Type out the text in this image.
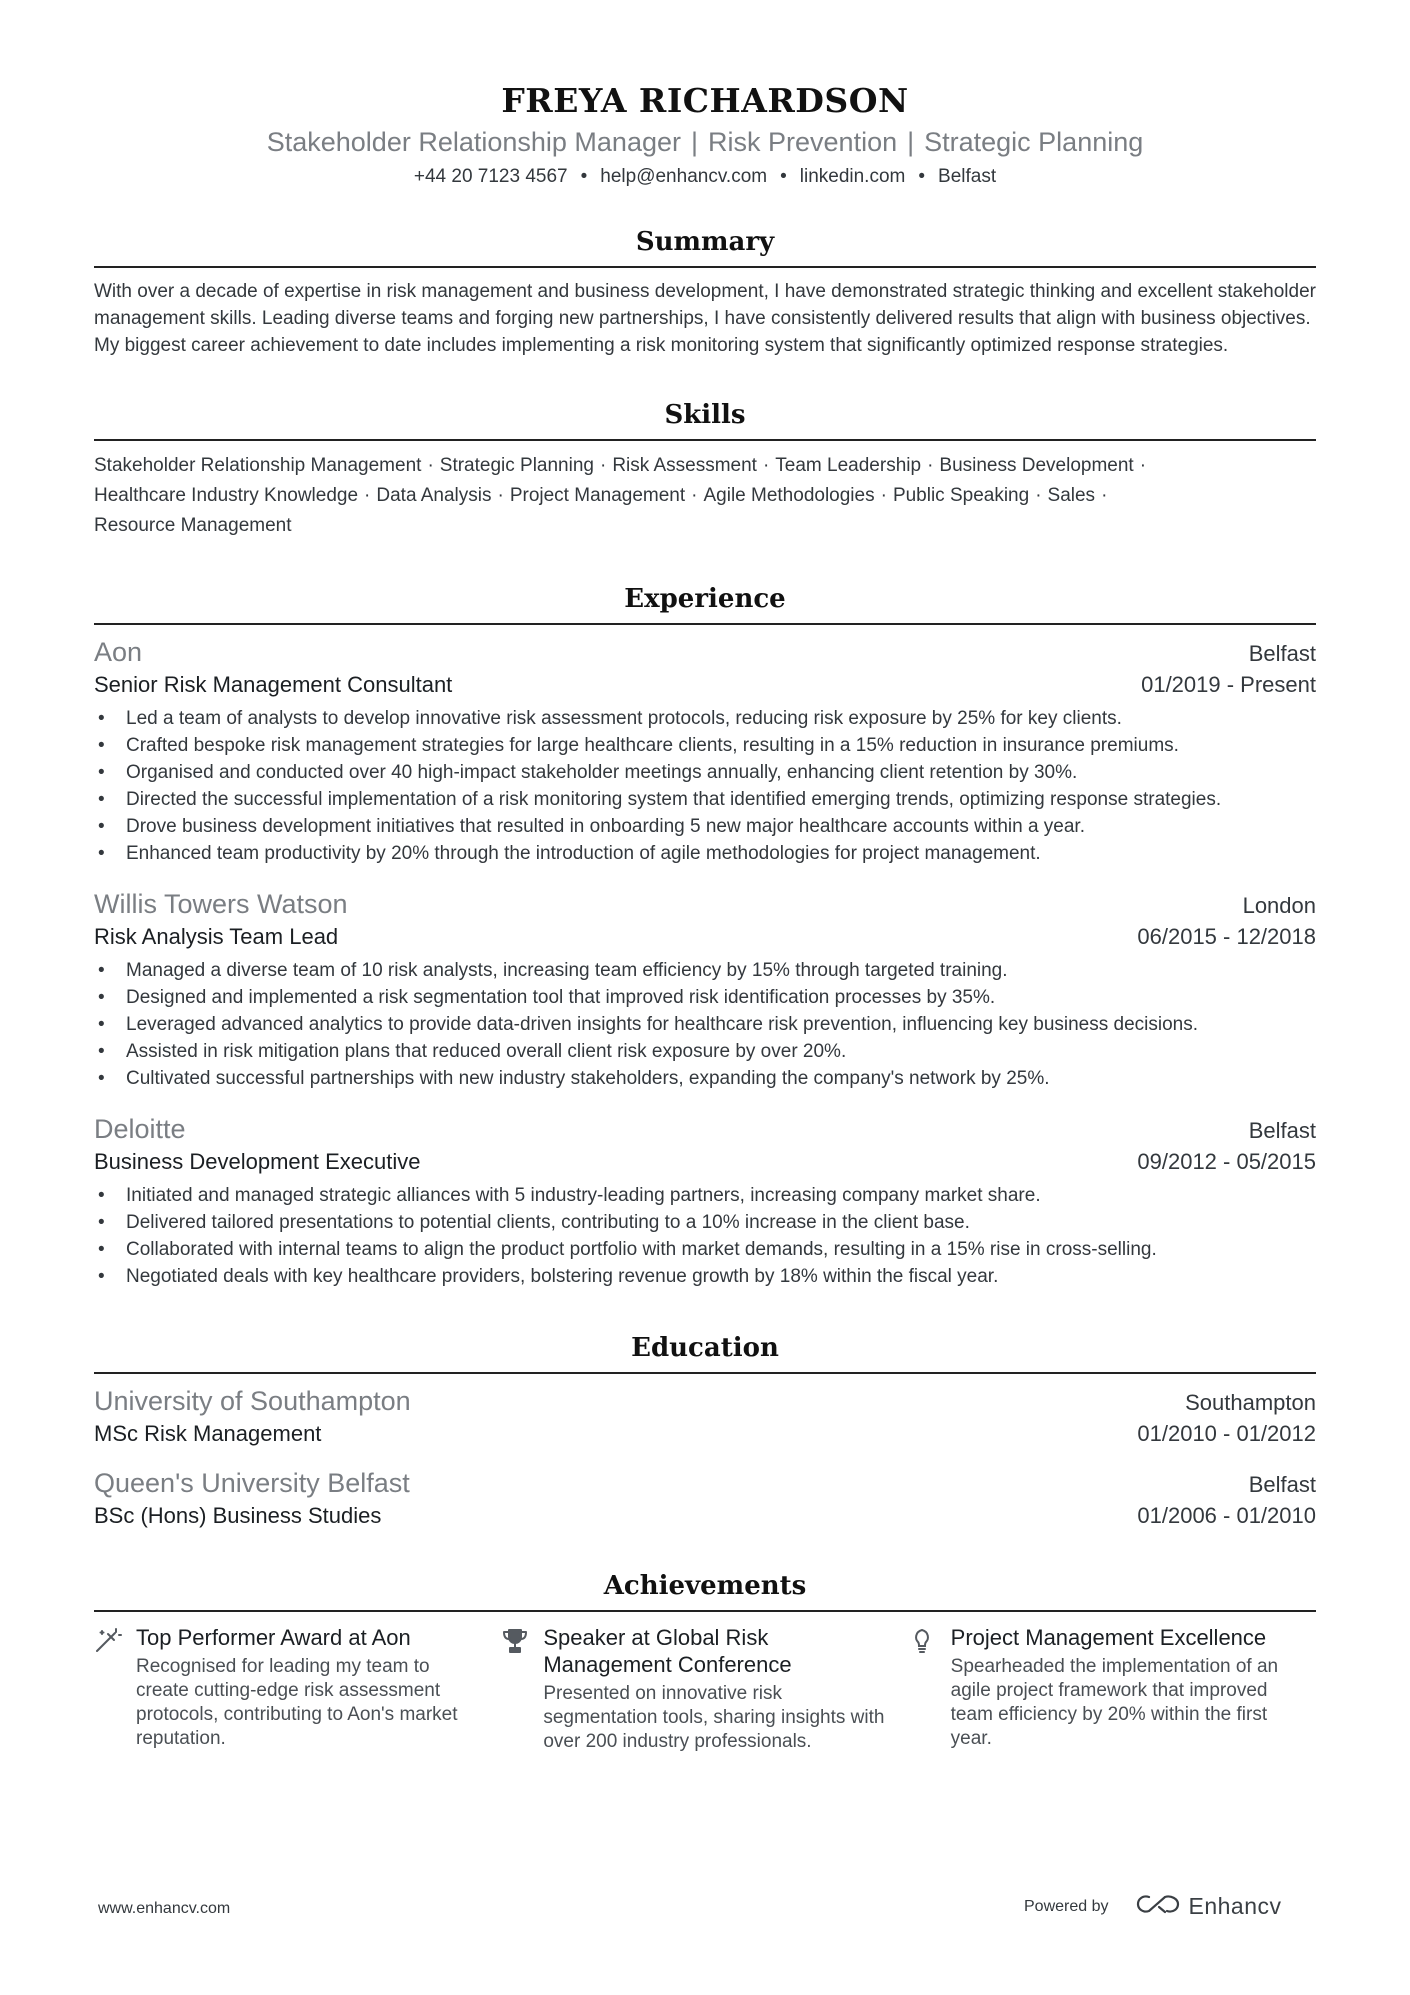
FREYA RICHARDSON
Stakeholder Relationship Manager | Risk Prevention | Strategic Planning
+44 20 7123 4567 • help@enhancv.com • linkedin.com • Belfast
Summary
With over a decade of expertise in risk management and business development, I have demonstrated strategic thinking and excellent stakeholder management skills. Leading diverse teams and forging new partnerships, I have consistently delivered results that align with business objectives. My biggest career achievement to date includes implementing a risk monitoring system that significantly optimized response strategies.
Skills
Stakeholder Relationship Management · Strategic Planning · Risk Assessment · Team Leadership · Business Development ·
Healthcare Industry Knowledge · Data Analysis · Project Management · Agile Methodologies · Public Speaking · Sales ·
Resource Management
Experience
Aon	Belfast
Senior Risk Management Consultant	01/2019 - Present
• Led a team of analysts to develop innovative risk assessment protocols, reducing risk exposure by 25% for key clients.
• Crafted bespoke risk management strategies for large healthcare clients, resulting in a 15% reduction in insurance premiums.
• Organised and conducted over 40 high-impact stakeholder meetings annually, enhancing client retention by 30%.
• Directed the successful implementation of a risk monitoring system that identified emerging trends, optimizing response strategies.
• Drove business development initiatives that resulted in onboarding 5 new major healthcare accounts within a year.
• Enhanced team productivity by 20% through the introduction of agile methodologies for project management.
Willis Towers Watson	London
Risk Analysis Team Lead	06/2015 - 12/2018
• Managed a diverse team of 10 risk analysts, increasing team efficiency by 15% through targeted training.
• Designed and implemented a risk segmentation tool that improved risk identification processes by 35%.
• Leveraged advanced analytics to provide data-driven insights for healthcare risk prevention, influencing key business decisions.
• Assisted in risk mitigation plans that reduced overall client risk exposure by over 20%.
• Cultivated successful partnerships with new industry stakeholders, expanding the company's network by 25%.
Deloitte	Belfast
Business Development Executive	09/2012 - 05/2015
• Initiated and managed strategic alliances with 5 industry-leading partners, increasing company market share.
• Delivered tailored presentations to potential clients, contributing to a 10% increase in the client base.
• Collaborated with internal teams to align the product portfolio with market demands, resulting in a 15% rise in cross-selling.
• Negotiated deals with key healthcare providers, bolstering revenue growth by 18% within the fiscal year.
Education
University of Southampton	Southampton
MSc Risk Management	01/2010 - 01/2012
Queen's University Belfast	Belfast
BSc (Hons) Business Studies	01/2006 - 01/2010
Achievements
Top Performer Award at Aon
Recognised for leading my team to create cutting-edge risk assessment protocols, contributing to Aon's market reputation.
Speaker at Global Risk Management Conference
Presented on innovative risk segmentation tools, sharing insights with over 200 industry professionals.
Project Management Excellence
Spearheaded the implementation of an agile project framework that improved team efficiency by 20% within the first year.
www.enhancv.com	Powered by	Enhancv
